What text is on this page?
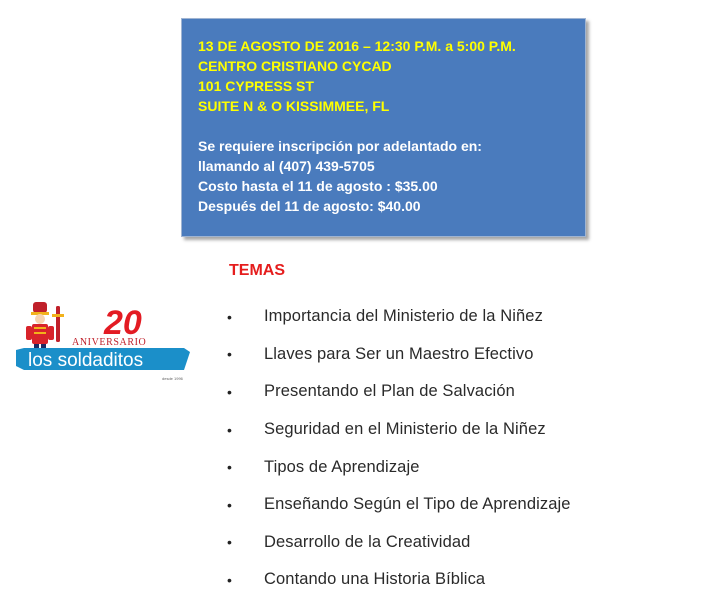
13 DE AGOSTO DE 2016 – 12:30 P.M. a 5:00 P.M.
CENTRO CRISTIANO CYCAD
101 CYPRESS ST
SUITE N & O KISSIMMEE, FL
Se requiere inscripción por adelantado en:
llamando al (407) 439-5705
Costo hasta el 11 de agosto : $35.00
Después del 11 de agosto: $40.00
TEMAS
•	Importancia del Ministerio de la Niñez
•	Llaves para Ser un Maestro Efectivo
•	Presentando el Plan de Salvación
•	Seguridad en el Ministerio de la Niñez
•	Tipos de Aprendizaje
•	Enseñando Según el Tipo de Aprendizaje
•	Desarrollo de la Creatividad
•	Contando una Historia Bíblica
20
ANIVERSARIO
los soldaditos
desde 1996
